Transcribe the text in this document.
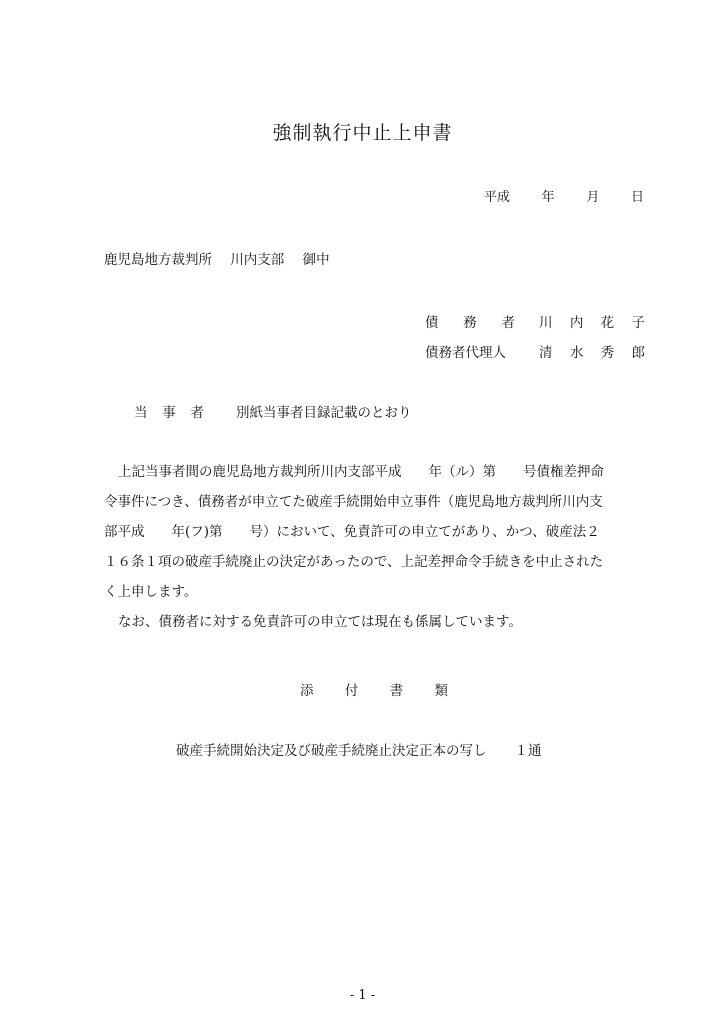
強制執行中止上申書
平成 年 月 日
鹿児島地方裁判所 川内支部 御中
債 務 者 川 内 花 子
債務者代理人 清 水 秀 郎
当 事 者 別紙当事者目録記載のとおり

上記当事者間の鹿児島地方裁判所川内支部平成　　年（ル）第　　号債権差押命

令事件につき、債務者が申立てた破産手続開始申立事件（鹿児島地方裁判所川内支

部平成　　年(フ)第　　号）において、免責許可の申立てがあり、かつ、破産法２

１６条１項の破産手続廃止の決定があったので、上記差押命令手続きを中止された

く上申します。

なお、債務者に対する免責許可の申立ては現在も係属しています。

添 付 書 類
破産手続開始決定及び破産手続廃止決定正本の写し １通
- 1 -
